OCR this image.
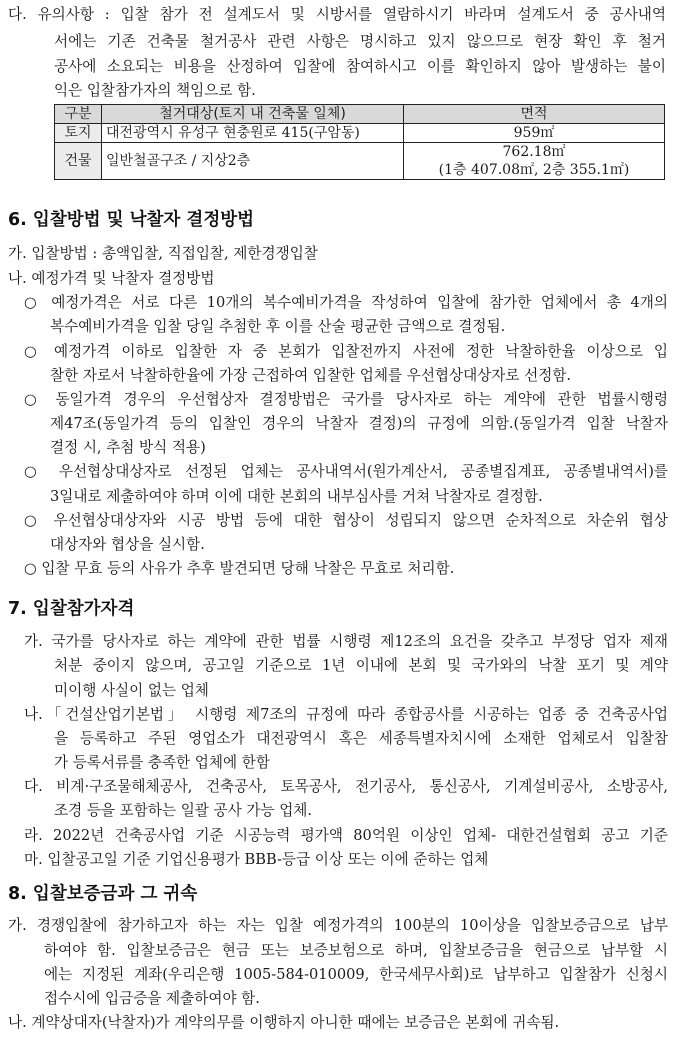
다. 유의사항 : 입찰 참가 전 설계도서 및 시방서를 열람하시기 바라며 설계도서 중 공사내역
서에는 기존 건축물 철거공사 관련 사항은 명시하고 있지 않으므로 현장 확인 후 철거
공사에 소요되는 비용을 산정하여 입찰에 참여하시고 이를 확인하지 않아 발생하는 불이
익은 입찰참가자의 책임으로 함.
구분	철거대상(토지 내 건축물 일체)	면적
토지	대전광역시 유성구 현충원로 415(구암동)	959㎡
건물	일반철골구조 / 지상2층	762.18㎡
(1층 407.08㎡, 2층 355.1㎡)
6. 입찰방법 및 낙찰자 결정방법
가. 입찰방법 : 총액입찰, 직접입찰, 제한경쟁입찰
나. 예정가격 및 낙찰자 결정방법
○ 예정가격은 서로 다른 10개의 복수예비가격을 작성하여 입찰에 참가한 업체에서 총 4개의
복수예비가격을 입찰 당일 추첨한 후 이를 산술 평균한 금액으로 결정됨.
○ 예정가격 이하로 입찰한 자 중 본회가 입찰전까지 사전에 정한 낙찰하한율 이상으로 입
찰한 자로서 낙찰하한율에 가장 근접하여 입찰한 업체를 우선협상대상자로 선정함.
○ 동일가격 경우의 우선협상자 결정방법은 국가를 당사자로 하는 계약에 관한 법률시행령
제47조(동일가격 등의 입찰인 경우의 낙찰자 결정)의 규정에 의함.(동일가격 입찰 낙찰자
결정 시, 추첨 방식 적용)
○ 우선협상대상자로 선정된 업체는 공사내역서(원가계산서, 공종별집계표, 공종별내역서)를
3일내로 제출하여야 하며 이에 대한 본회의 내부심사를 거쳐 낙찰자로 결정함.
○ 우선협상대상자와 시공 방법 등에 대한 협상이 성립되지 않으면 순차적으로 차순위 협상
대상자와 협상을 실시함.
○ 입찰 무효 등의 사유가 추후 발견되면 당해 낙찰은 무효로 처리함.
7. 입찰참가자격
가. 국가를 당사자로 하는 계약에 관한 법률 시행령 제12조의 요건을 갖추고 부정당 업자 제재
처분 중이지 않으며, 공고일 기준으로 1년 이내에 본회 및 국가와의 낙찰 포기 및 계약
미이행 사실이 없는 업체
나.「건설산업기본법」 시행령 제7조의 규정에 따라 종합공사를 시공하는 업종 중 건축공사업
을 등록하고 주된 영업소가 대전광역시 혹은 세종특별자치시에 소재한 업체로서 입찰참
가 등록서류를 충족한 업체에 한함
다. 비계·구조물해체공사, 건축공사, 토목공사, 전기공사, 통신공사, 기계설비공사, 소방공사,
조경 등을 포함하는 일괄 공사 가능 업체.
라. 2022년 건축공사업 기준 시공능력 평가액 80억원 이상인 업체- 대한건설협회 공고 기준
마. 입찰공고일 기준 기업신용평가 BBB-등급 이상 또는 이에 준하는 업체
8. 입찰보증금과 그 귀속
가. 경쟁입찰에 참가하고자 하는 자는 입찰 예정가격의 100분의 10이상을 입찰보증금으로 납부
하여야 함. 입찰보증금은 현금 또는 보증보험으로 하며, 입찰보증금을 현금으로 납부할 시
에는 지정된 계좌(우리은행 1005-584-010009, 한국세무사회)로 납부하고 입찰참가 신청시
접수시에 입금증을 제출하여야 함.
나. 계약상대자(낙찰자)가 계약의무를 이행하지 아니한 때에는 보증금은 본회에 귀속됨.
